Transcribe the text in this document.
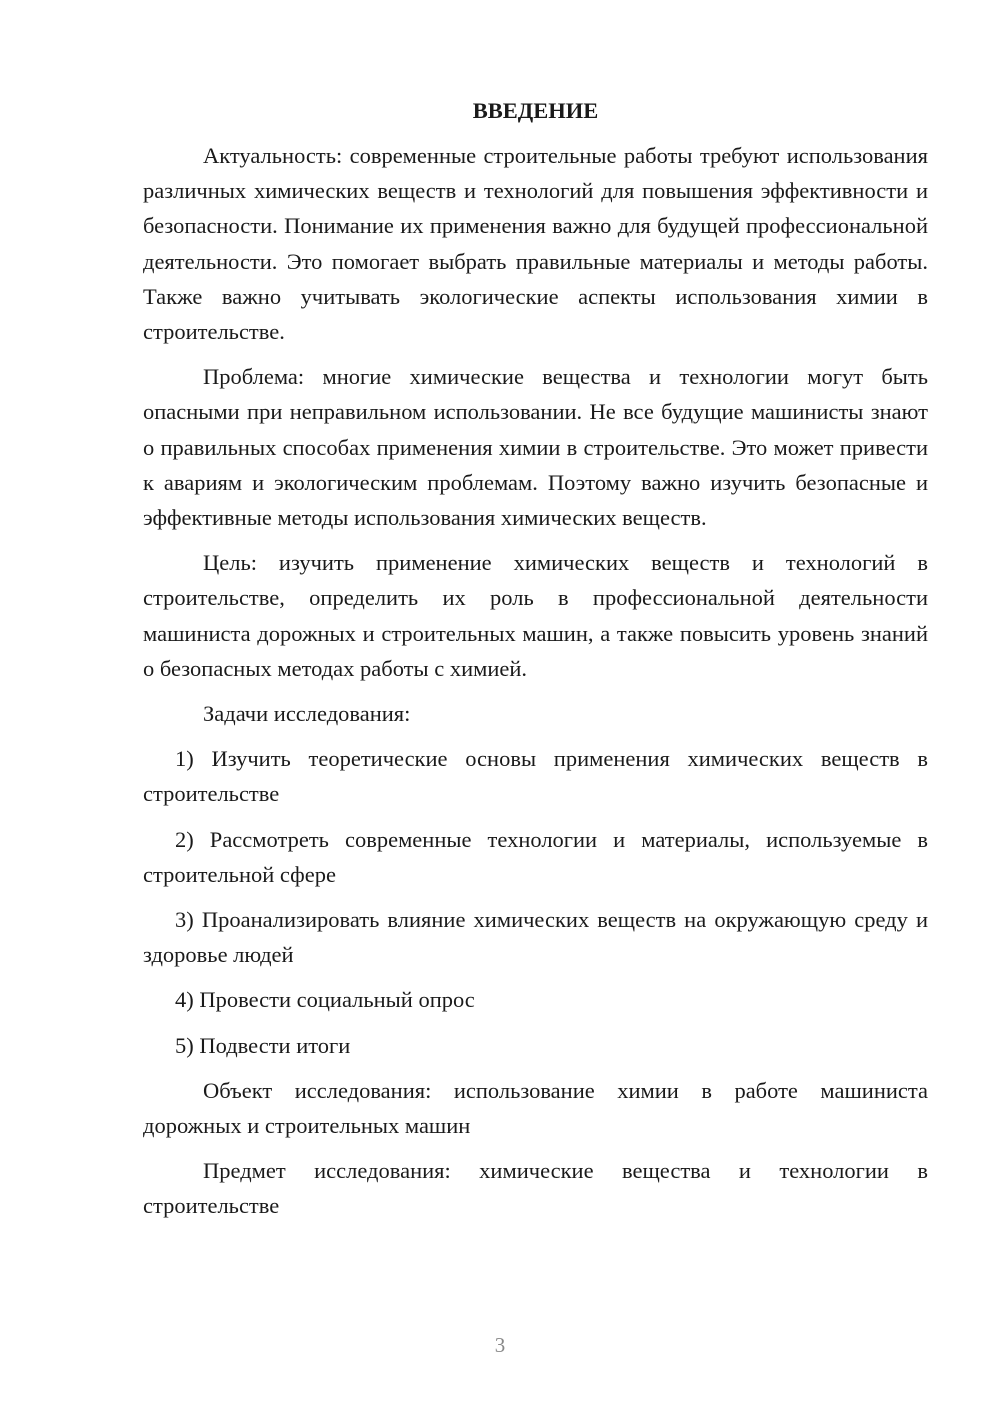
ВВЕДЕНИЕ

Актуальность: современные строительные работы требуют использования различных химических веществ и технологий для повышения эффективности и безопасности. Понимание их применения важно для будущей профессиональной деятельности. Это помогает выбрать правильные материалы и методы работы. Также важно учитывать экологические аспекты использования химии в строительстве.

Проблема: многие химические вещества и технологии могут быть опасными при неправильном использовании. Не все будущие машинисты знают о правильных способах применения химии в строительстве. Это может привести к авариям и экологическим проблемам. Поэтому важно изучить безопасные и эффективные методы использования химических веществ.

Цель: изучить применение химических веществ и технологий в строительстве, определить их роль в профессиональной деятельности машиниста дорожных и строительных машин, а также повысить уровень знаний о безопасных методах работы с химией.

Задачи исследования:

1) Изучить теоретические основы применения химических веществ в строительстве

2) Рассмотреть современные технологии и материалы, используемые в строительной сфере

3) Проанализировать влияние химических веществ на окружающую среду и здоровье людей

4) Провести социальный опрос

5) Подвести итоги

Объект исследования: использование химии в работе машиниста дорожных и строительных машин

Предмет исследования: химические вещества и технологии в строительстве

3
